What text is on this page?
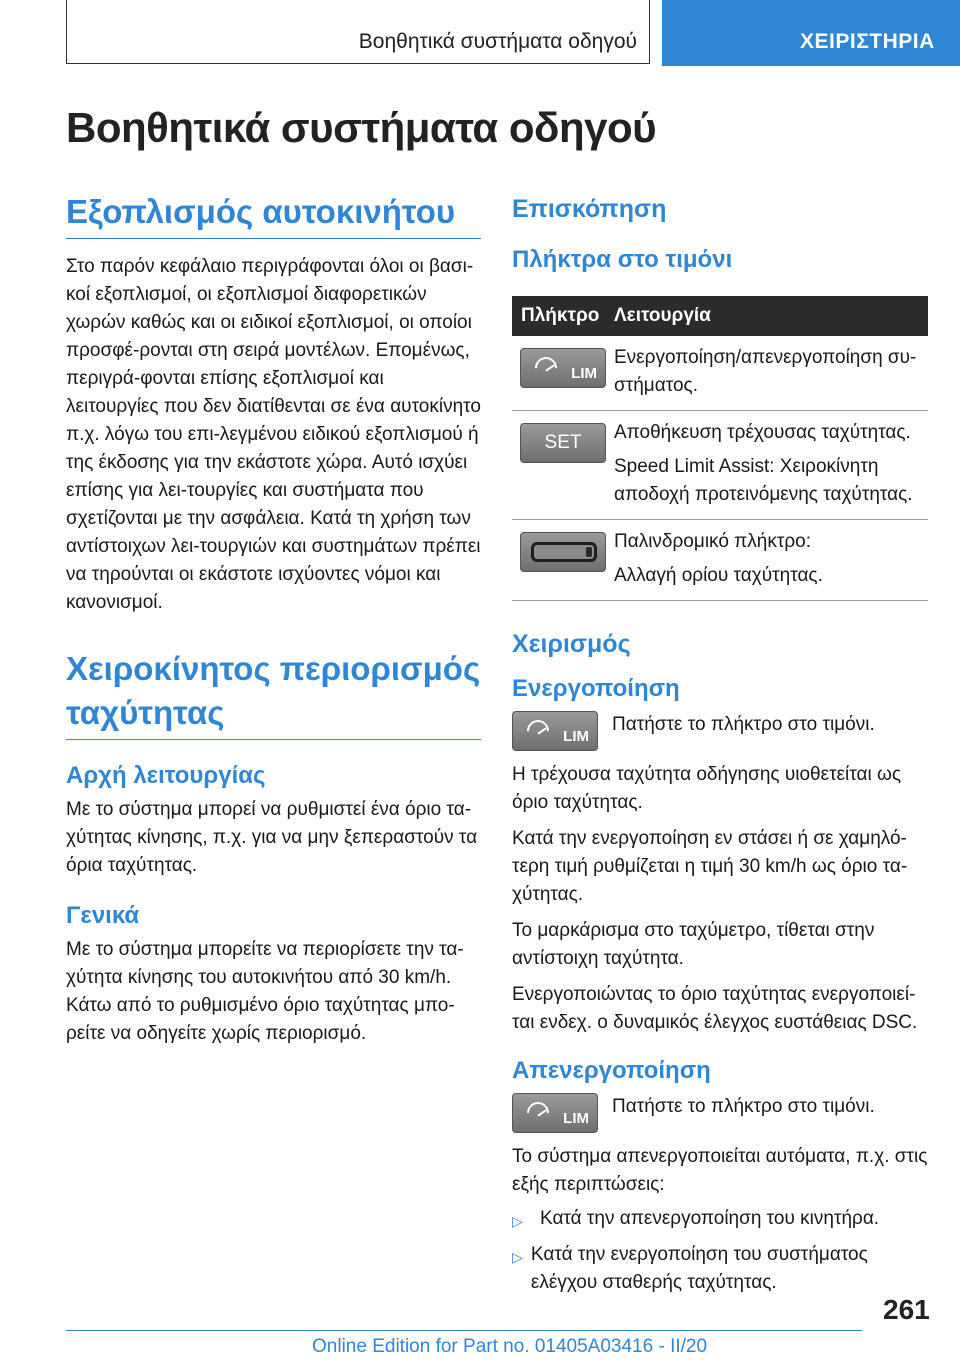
Βοηθητικά συστήματα οδηγού	ΧΕΙΡΙΣΤΗΡΙΑ
Βοηθητικά συστήματα οδηγού
Εξοπλισμός αυτοκινήτου

Στο παρόν κεφάλαιο περιγράφονται όλοι οι βασι-κοί εξοπλισμοί, οι εξοπλισμοί διαφορετικών χωρών καθώς και οι ειδικοί εξοπλισμοί, οι οποίοι προσφέ-ρονται στη σειρά μοντέλων. Επομένως, περιγρά-φονται επίσης εξοπλισμοί και λειτουργίες που δεν διατίθενται σε ένα αυτοκίνητο π.χ. λόγω του επι-λεγμένου ειδικού εξοπλισμού ή της έκδοσης για την εκάστοτε χώρα. Αυτό ισχύει επίσης για λει-τουργίες και συστήματα που σχετίζονται με την ασφάλεια. Κατά τη χρήση των αντίστοιχων λει-τουργιών και συστημάτων πρέπει να τηρούνται οι εκάστοτε ισχύοντες νόμοι και κανονισμοί.

Χειροκίνητος περιορισμός ταχύτητας
Αρχή λειτουργίας

Με το σύστημα μπορεί να ρυθμιστεί ένα όριο τα-χύτητας κίνησης, π.χ. για να μην ξεπεραστούν τα όρια ταχύτητας.

Γενικά

Με το σύστημα μπορείτε να περιορίσετε την τα-χύτητα κίνησης του αυτοκινήτου από 30 km/h. Κάτω από το ρυθμισμένο όριο ταχύτητας μπο-ρείτε να οδηγείτε χωρίς περιορισμό.

Επισκόπηση
Πλήκτρα στο τιμόνι
Πλήκτρο Λειτουργία
LIM

Ενεργοποίηση/απενεργοποίηση συ-στήματος.

SET Αποθήκευση τρέχουσας ταχύτητας.

Speed Limit Assist: Χειροκίνητη αποδοχή προτεινόμενης ταχύτητας.

Παλινδρομικό πλήκτρο:

Αλλαγή ορίου ταχύτητας.

Χειρισμός
Ενεργοποίηση
LIM

Πατήστε το πλήκτρο στο τιμόνι.

Η τρέχουσα ταχύτητα οδήγησης υιοθετείται ως όριο ταχύτητας.

Κατά την ενεργοποίηση εν στάσει ή σε χαμηλό-τερη τιμή ρυθμίζεται η τιμή 30 km/h ως όριο τα-χύτητας.

Το μαρκάρισμα στο ταχύμετρο, τίθεται στην αντίστοιχη ταχύτητα.

Ενεργοποιώντας το όριο ταχύτητας ενεργοποιεί-ται ενδεχ. ο δυναμικός έλεγχος ευστάθειας DSC.

Απενεργοποίηση
LIM

Πατήστε το πλήκτρο στο τιμόνι.

Το σύστημα απενεργοποιείται αυτόματα, π.χ. στις εξής περιπτώσεις:

▷ Κατά την απενεργοποίηση του κινητήρα.
▷ Κατά την ενεργοποίηση του συστήματος ελέγχου σταθερής ταχύτητας.
261
Online Edition for Part no. 01405A03416 - II/20
